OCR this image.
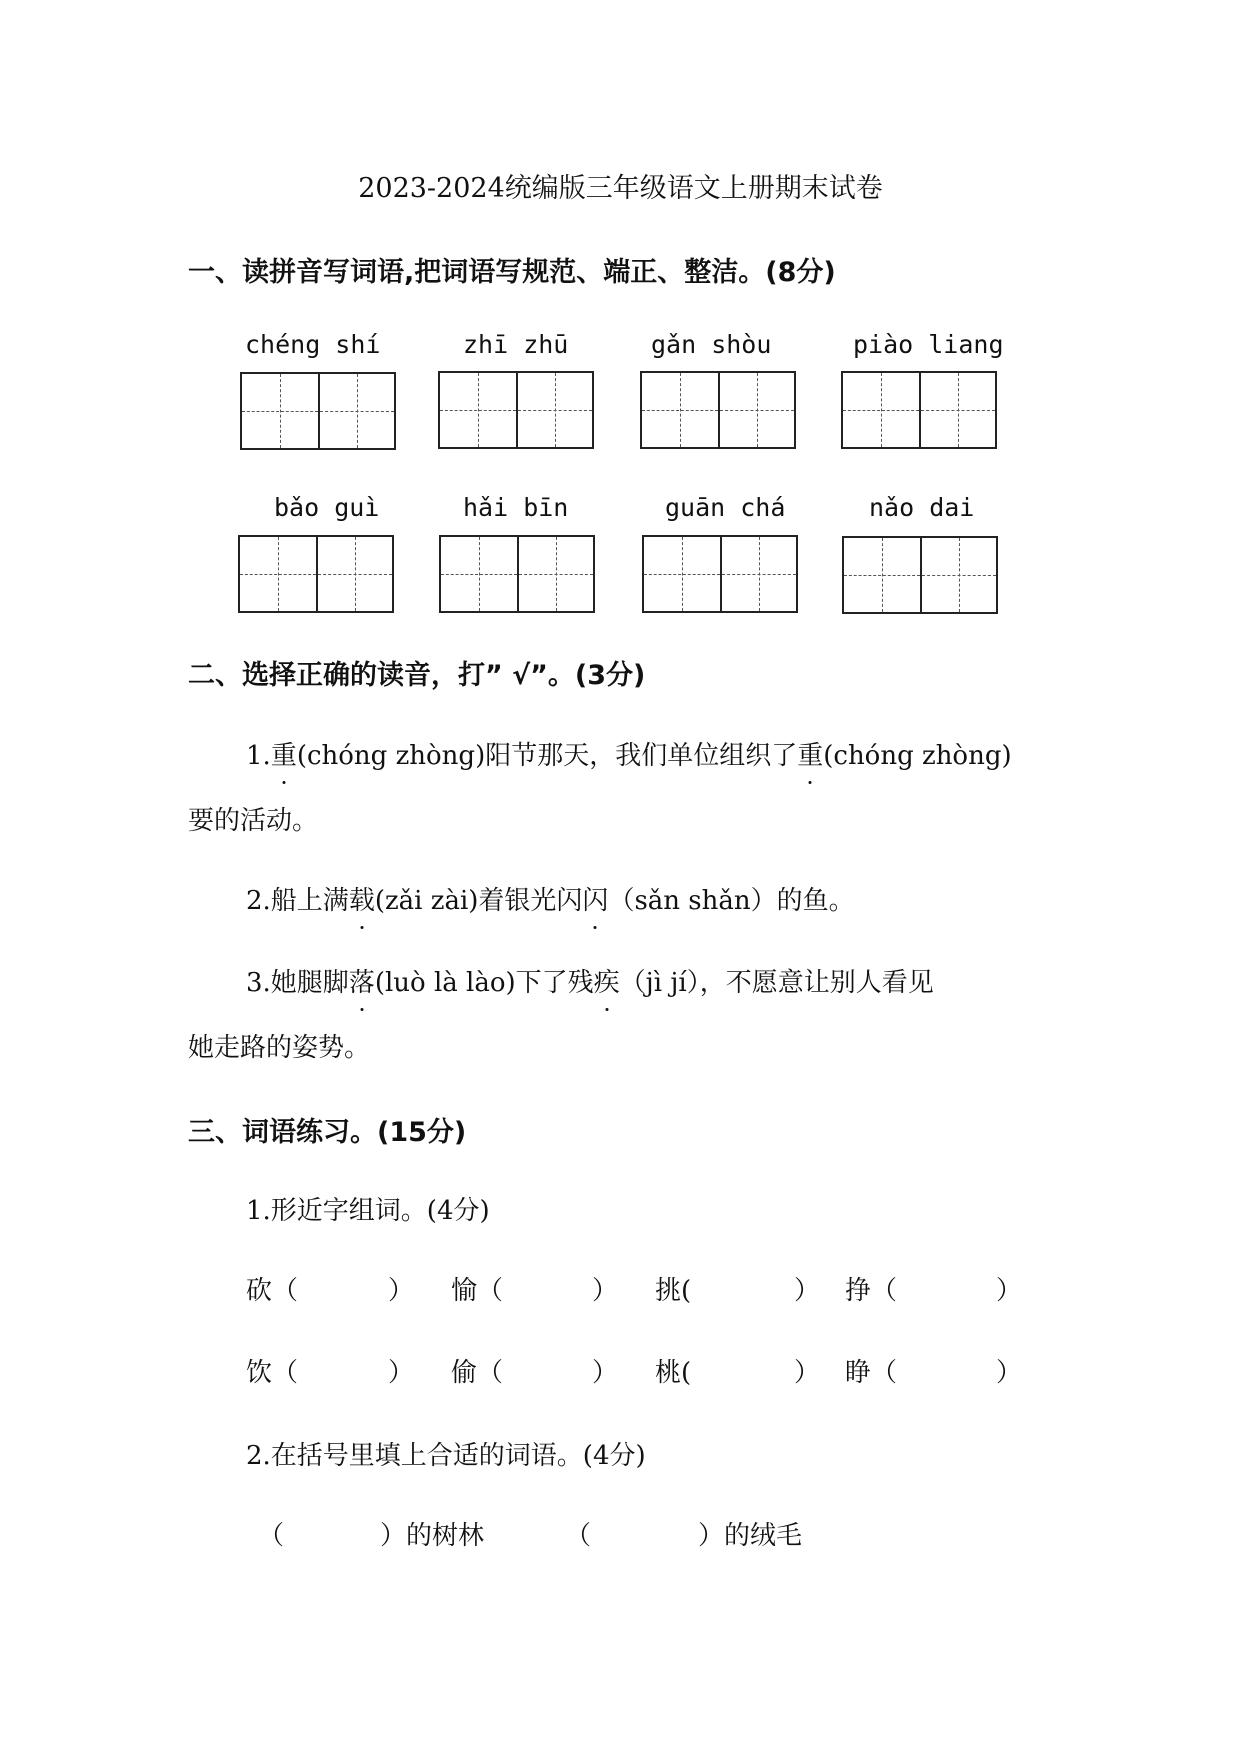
2023-2024统编版三年级语文上册期末试卷
一、读拼音写词语,把词语写规范、端正、整洁。(8分)
chéng shí	zhī zhū	gǎn shòu	piào liang
bǎo guì	hǎi bīn	guān chá	nǎo dai
二、选择正确的读音，打” √”。(3分)
1.重(chóng zhòng)阳节那天，我们单位组织了重(chóng zhòng)
要的活动。
2.船上满载(zǎi zài)着银光闪闪（sǎn shǎn）的鱼。
3.她腿脚落(luò là lào)下了残疾（jì jí），不愿意让别人看见
她走路的姿势。
三、词语练习。(15分)
1.形近字组词。(4分)
砍（	） 愉（	） 挑(	） 挣（	）
饮（	） 偷（	） 桃(	） 睁（	）
2.在括号里填上合适的词语。(4分)
（	）的树林	（	）的绒毛
